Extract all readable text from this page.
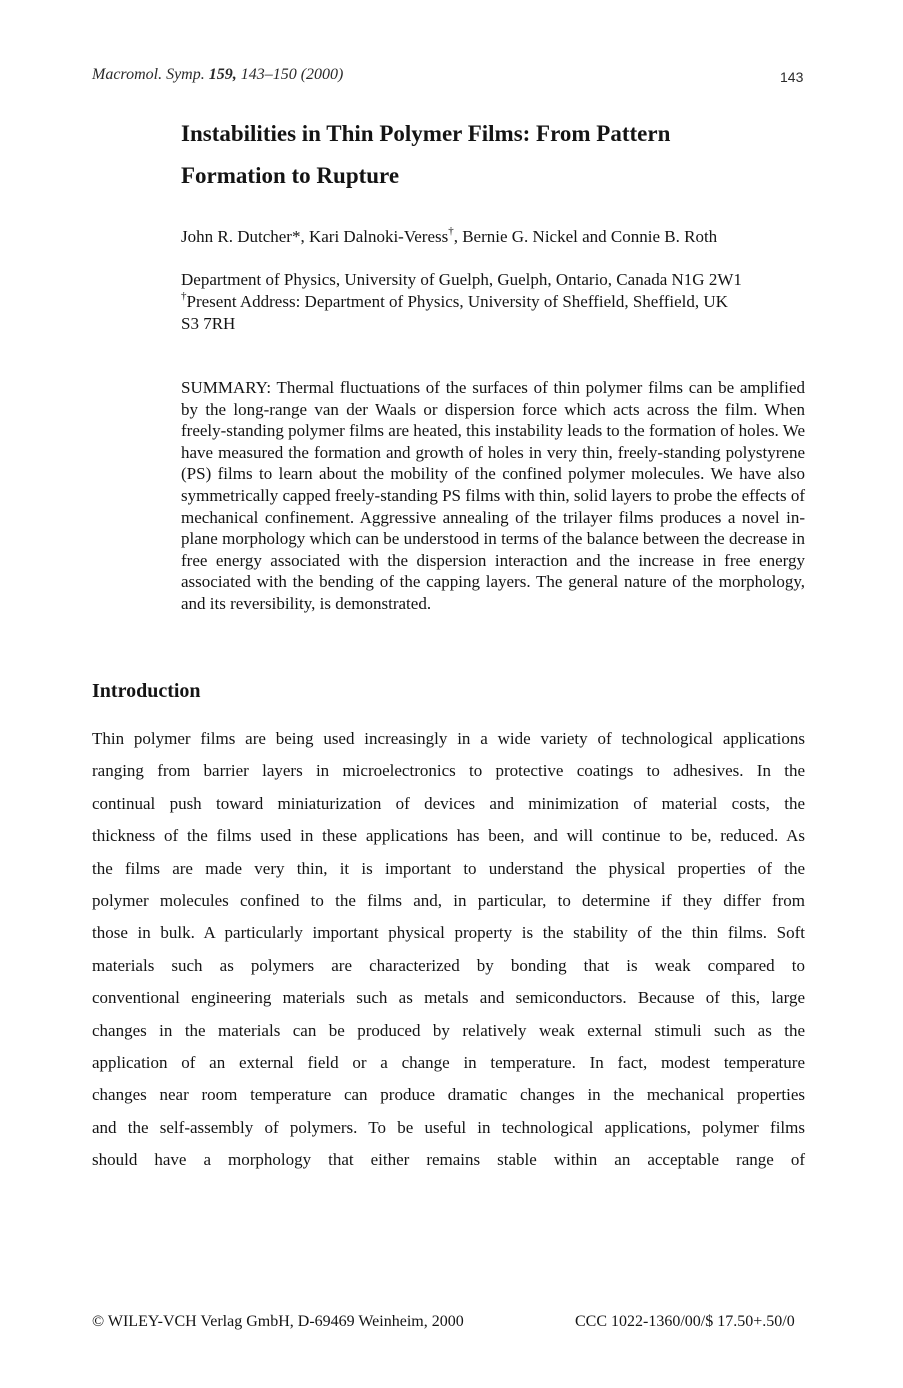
Macromol. Symp. 159, 143–150 (2000)	143
Instabilities in Thin Polymer Films: From Pattern
Formation to Rupture
John R. Dutcher*, Kari Dalnoki-Veress†, Bernie G. Nickel and Connie B. Roth
Department of Physics, University of Guelph, Guelph, Ontario, Canada N1G 2W1
†Present Address: Department of Physics, University of Sheffield, Sheffield, UK
S3 7RH
SUMMARY: Thermal fluctuations of the surfaces of thin polymer films can be amplified by the long-range van der Waals or dispersion force which acts across the film. When freely-standing polymer films are heated, this instability leads to the formation of holes. We have measured the formation and growth of holes in very thin, freely-standing polystyrene (PS) films to learn about the mobility of the confined polymer molecules. We have also symmetrically capped freely-standing PS films with thin, solid layers to probe the effects of mechanical confinement. Aggressive annealing of the trilayer films produces a novel in-plane morphology which can be understood in terms of the balance between the decrease in free energy associated with the dispersion interaction and the increase in free energy associated with the bending of the capping layers. The general nature of the morphology, and its reversibility, is demonstrated.
Introduction
Thin polymer films are being used increasingly in a wide variety of technological applications
ranging from barrier layers in microelectronics to protective coatings to adhesives. In the
continual push toward miniaturization of devices and minimization of material costs, the
thickness of the films used in these applications has been, and will continue to be, reduced. As
the films are made very thin, it is important to understand the physical properties of the
polymer molecules confined to the films and, in particular, to determine if they differ from
those in bulk. A particularly important physical property is the stability of the thin films. Soft
materials such as polymers are characterized by bonding that is weak compared to
conventional engineering materials such as metals and semiconductors. Because of this, large
changes in the materials can be produced by relatively weak external stimuli such as the
application of an external field or a change in temperature. In fact, modest temperature
changes near room temperature can produce dramatic changes in the mechanical properties
and the self-assembly of polymers. To be useful in technological applications, polymer films
should have a morphology that either remains stable within an acceptable range of
© WILEY-VCH Verlag GmbH, D-69469 Weinheim, 2000	CCC 1022-1360/00/$ 17.50+.50/0
